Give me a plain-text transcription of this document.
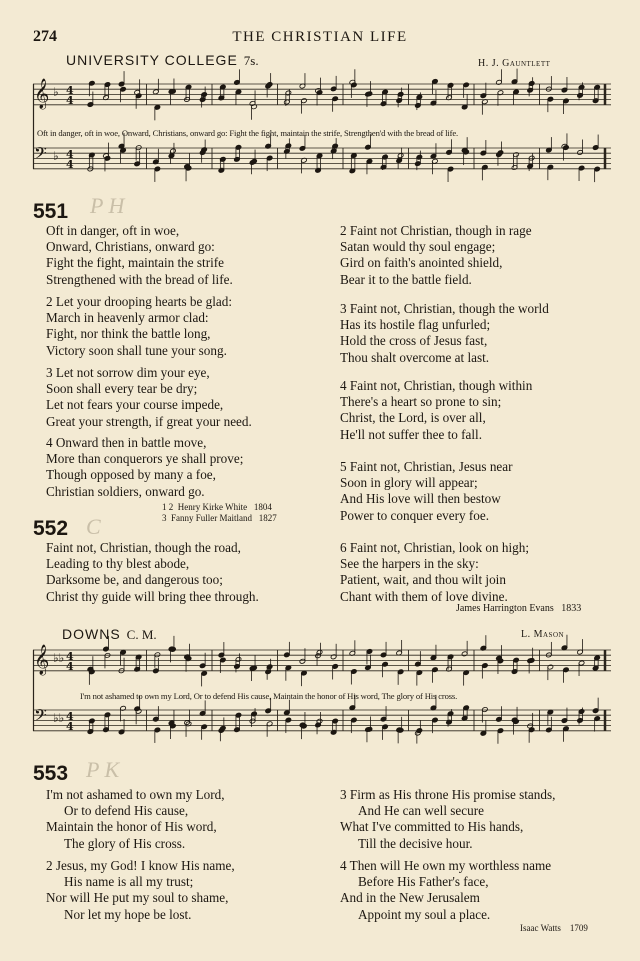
274	THE CHRISTIAN LIFE
UNIVERSITY COLLEGE 7s.	H. J. Gauntlett
𝄞 ♭ 4
4
𝄢 ♭ 4
4
Oft in danger, oft in woe, Onward, Christians, onward go: Fight the fight, maintain the strife, Strengthen'd with the bread of life.
551 P H
Oft in danger, oft in woe,
Onward, Christians, onward go:
Fight the fight, maintain the strife
Strengthened with the bread of life.
2 Let your drooping hearts be glad:
March in heavenly armor clad:
Fight, nor think the battle long,
Victory soon shall tune your song.
3 Let not sorrow dim your eye,
Soon shall every tear be dry;
Let not fears your course impede,
Great your strength, if great your need.
4 Onward then in battle move,
More than conquerors ye shall prove;
Though opposed by many a foe,
Christian soldiers, onward go.
1 2 Henry Kirke White 1804
3 Fanny Fuller Maitland 1827
2 Faint not Christian, though in rage
Satan would thy soul engage;
Gird on faith's anointed shield,
Bear it to the battle field.
3 Faint not, Christian, though the world
Has its hostile flag unfurled;
Hold the cross of Jesus fast,
Thou shalt overcome at last.
4 Faint not, Christian, though within
There's a heart so prone to sin;
Christ, the Lord, is over all,
He'll not suffer thee to fall.
5 Faint not, Christian, Jesus near
Soon in glory will appear;
And His love will then bestow
Power to conquer every foe.
6 Faint not, Christian, look on high;
See the harpers in the sky:
Patient, wait, and thou wilt join
Chant with them of love divine.
552 C
Faint not, Christian, though the road,
Leading to thy blest abode,
Darksome be, and dangerous too;
Christ thy guide will bring thee through.
James Harrington Evans 1833
DOWNS C. M.	L. Mason
𝄞 ♭♭ 4
4
𝄢 ♭♭ 4
4
I'm not ashamed to own my Lord, Or to defend His cause, Maintain the honor of His word, The glory of His cross.
553 P K
I'm not ashamed to own my Lord,
Or to defend His cause,
Maintain the honor of His word,
The glory of His cross.
2 Jesus, my God! I know His name,
His name is all my trust;
Nor will He put my soul to shame,
Nor let my hope be lost.
3 Firm as His throne His promise stands,
And He can well secure
What I've committed to His hands,
Till the decisive hour.
4 Then will He own my worthless name
Before His Father's face,
And in the New Jerusalem
Appoint my soul a place.
Isaac Watts 1709
